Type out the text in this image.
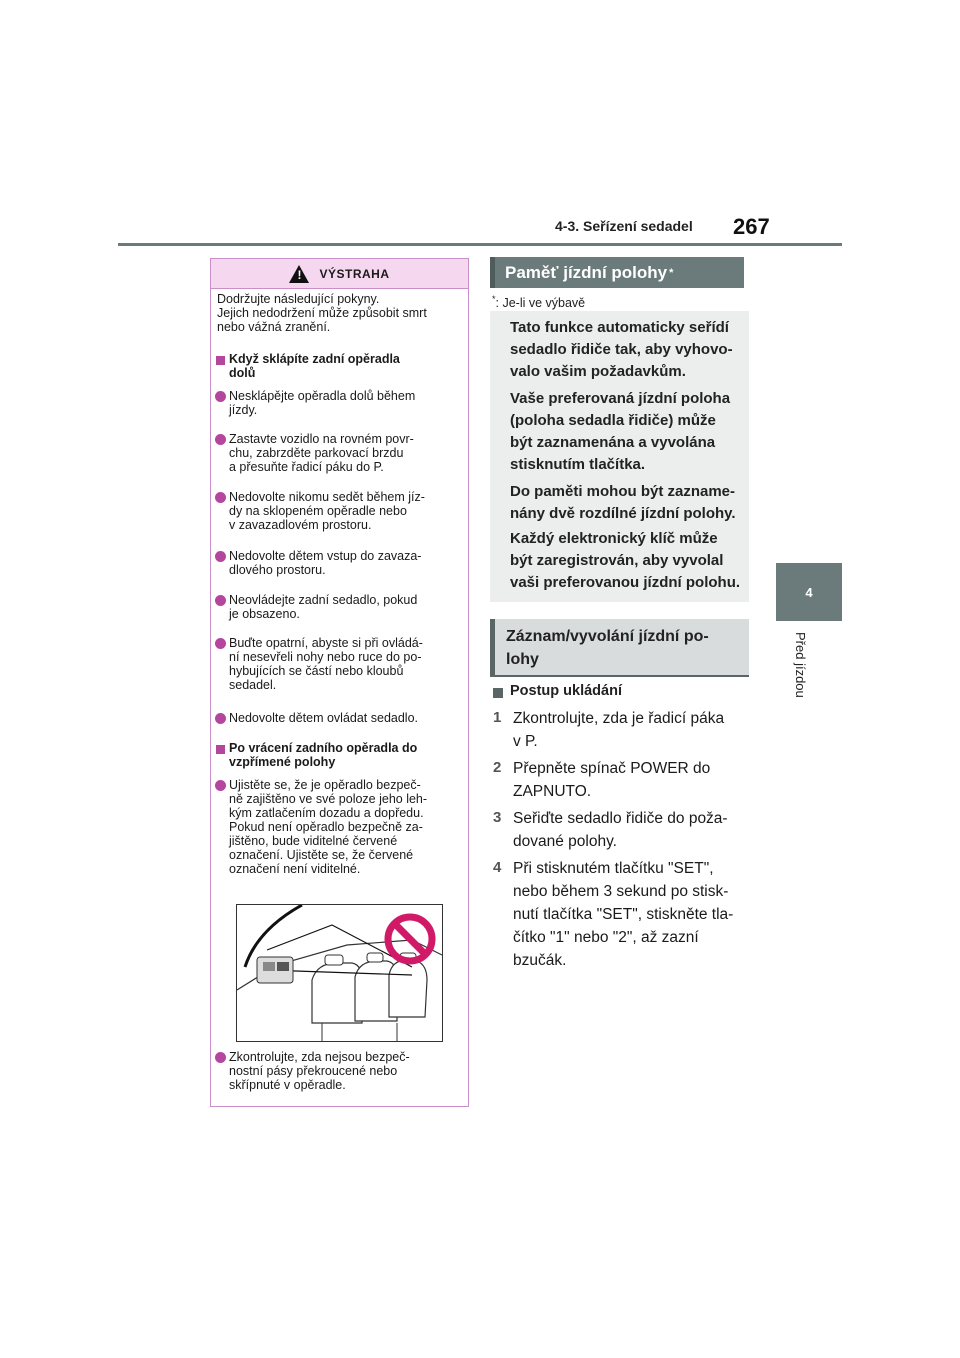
4-3. Seřízení sedadel 267
4
Před jízdou
! VÝSTRAHA
Dodržujte následující pokyny.
Jejich nedodržení může způsobit smrt
nebo vážná zranění.
Když sklápíte zadní opěradla
dolů
Nesklápějte opěradla dolů během
jízdy.
Zastavte vozidlo na rovném povr-
chu, zabrzděte parkovací brzdu
a přesuňte řadicí páku do P.
Nedovolte nikomu sedět během jíz-
dy na sklopeném opěradle nebo
v zavazadlovém prostoru.
Nedovolte dětem vstup do zavaza-
dlového prostoru.
Neovládejte zadní sedadlo, pokud
je obsazeno.
Buďte opatrní, abyste si při ovládá-
ní nesevřeli nohy nebo ruce do po-
hybujících se částí nebo kloubů
sedadel.
Nedovolte dětem ovládat sedadlo.
Po vrácení zadního opěradla do
vzpřímené polohy
Ujistěte se, že je opěradlo bezpeč-
ně zajištěno ve své poloze jeho leh-
kým zatlačením dozadu a dopředu.
Pokud není opěradlo bezpečně za-
jištěno, bude viditelné červené
označení. Ujistěte se, že červené
označení není viditelné.
Zkontrolujte, zda nejsou bezpeč-
nostní pásy překroucené nebo
skřípnuté v opěradle.
Paměť jízdní polohy *
*: Je-li ve výbavě
Tato funkce automaticky seřídí
sedadlo řidiče tak, aby vyhovo-
valo vašim požadavkům.
Vaše preferovaná jízdní poloha
(poloha sedadla řidiče) může
být zaznamenána a vyvolána
stisknutím tlačítka.
Do paměti mohou být zazname-
nány dvě rozdílné jízdní polohy.
Každý elektronický klíč může
být zaregistrován, aby vyvolal
vaši preferovanou jízdní polohu.
Záznam/vyvolání jízdní po-
lohy
Postup ukládání
1 Zkontrolujte, zda je řadicí páka
v P.
2 Přepněte spínač POWER do
ZAPNUTO.
3 Seřiďte sedadlo řidiče do poža-
dované polohy.
4 Při stisknutém tlačítku "SET",
nebo během 3 sekund po stisk-
nutí tlačítka "SET", stiskněte tla-
čítko "1" nebo "2", až zazní
bzučák.
